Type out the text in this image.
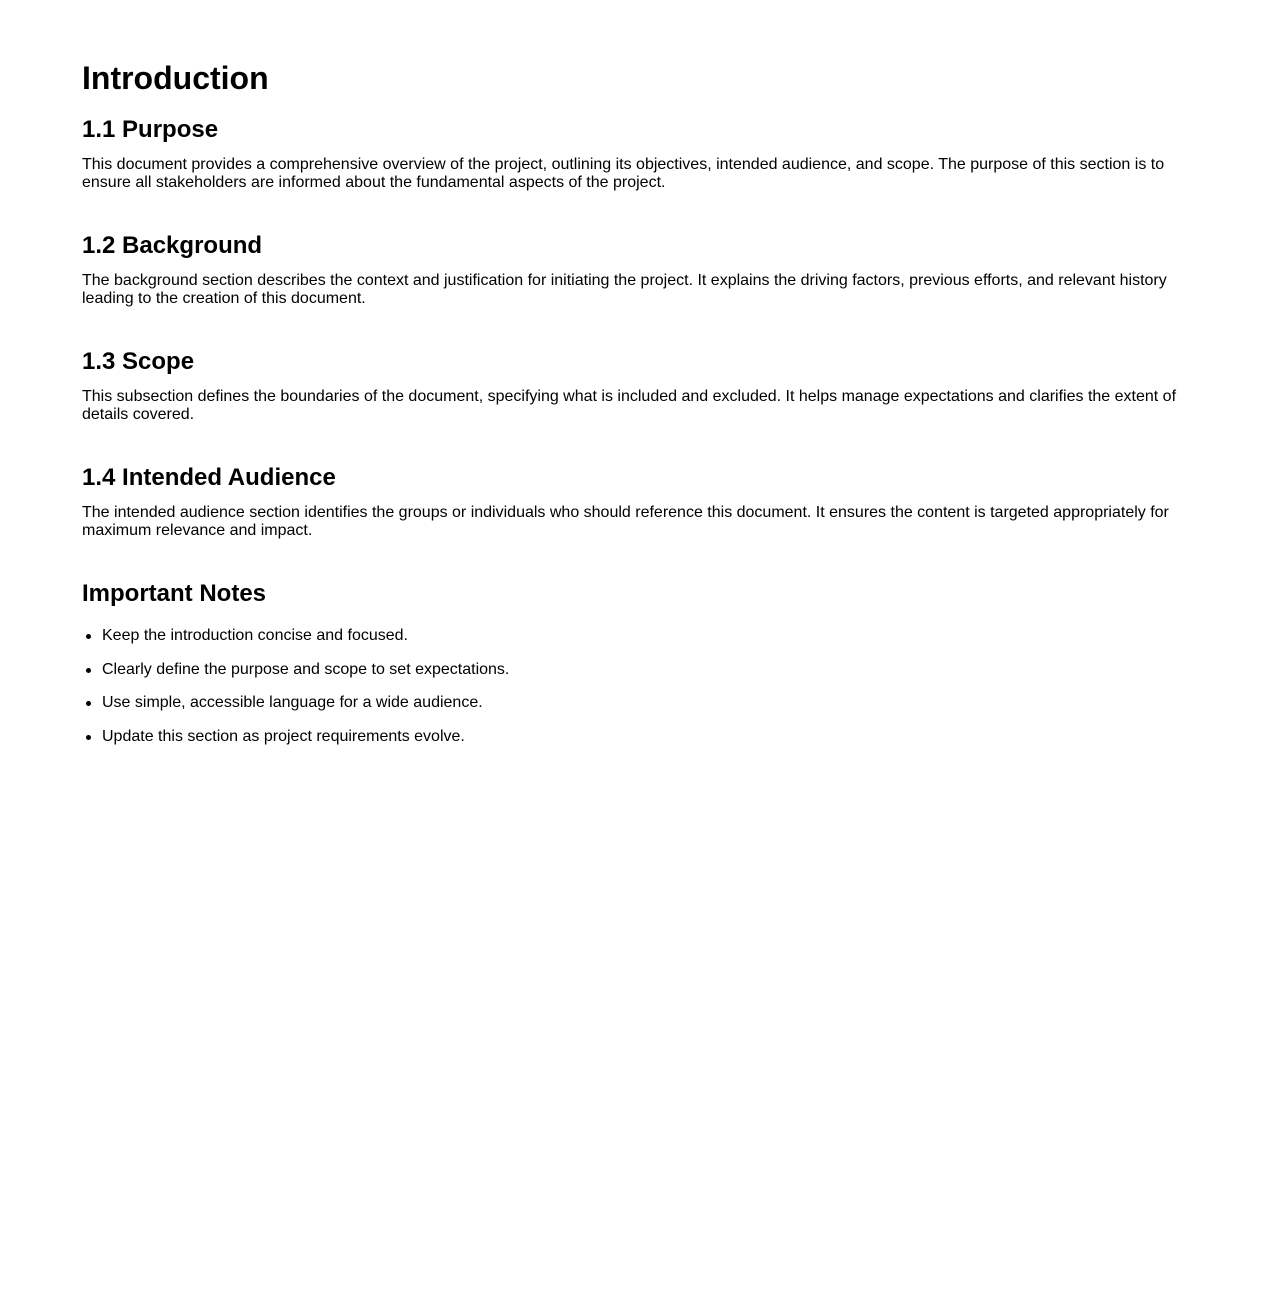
Introduction
1.1 Purpose

This document provides a comprehensive overview of the project, outlining its objectives, intended audience, and scope. The purpose of this section is to ensure all stakeholders are informed about the fundamental aspects of the project.

1.2 Background

The background section describes the context and justification for initiating the project. It explains the driving factors, previous efforts, and relevant history leading to the creation of this document.

1.3 Scope

This subsection defines the boundaries of the document, specifying what is included and excluded. It helps manage expectations and clarifies the extent of details covered.

1.4 Intended Audience

The intended audience section identifies the groups or individuals who should reference this document. It ensures the content is targeted appropriately for maximum relevance and impact.

Important Notes
Keep the introduction concise and focused.
Clearly define the purpose and scope to set expectations.
Use simple, accessible language for a wide audience.
Update this section as project requirements evolve.
